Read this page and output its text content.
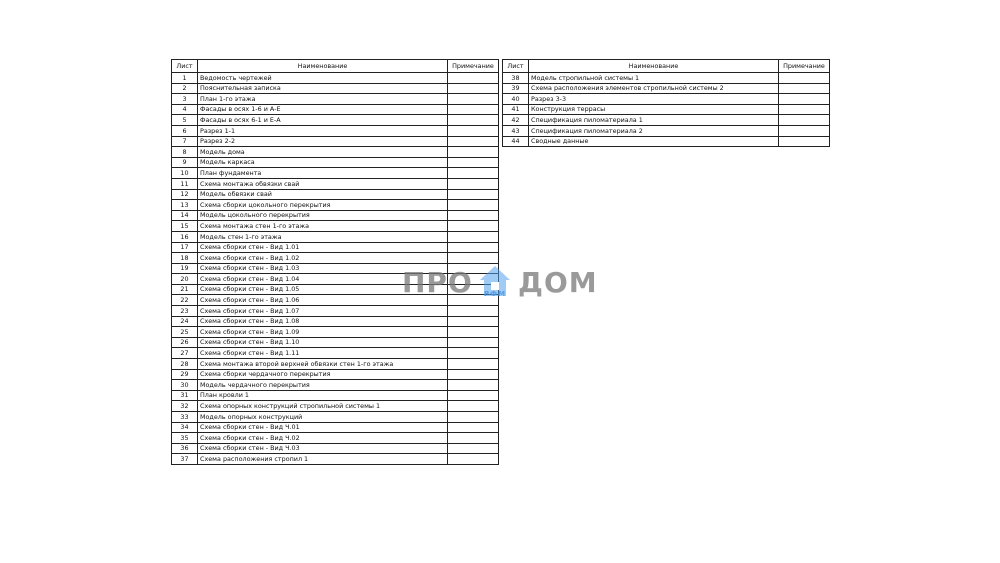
Лист	Наименование	Примечание
1	Ведомость чертежей	
2	Пояснительная записка	
3	План 1-го этажа	
4	Фасады в осях 1-6 и А-Е	
5	Фасады в осях 6-1 и Е-А	
6	Разрез 1-1	
7	Разрез 2-2	
8	Модель дома	
9	Модель каркаса	
10	План фундамента	
11	Схема монтажа обвязки свай	
12	Модель обвязки свай	
13	Схема сборки цокольного перекрытия	
14	Модель цокольного перекрытия	
15	Схема монтажа стен 1-го этажа	
16	Модель стен 1-го этажа	
17	Схема сборки стен - Вид 1.01	
18	Схема сборки стен - Вид 1.02	
19	Схема сборки стен - Вид 1.03	
20	Схема сборки стен - Вид 1.04	
21	Схема сборки стен - Вид 1.05	
22	Схема сборки стен - Вид 1.06	
23	Схема сборки стен - Вид 1.07	
24	Схема сборки стен - Вид 1.08	
25	Схема сборки стен - Вид 1.09	
26	Схема сборки стен - Вид 1.10	
27	Схема сборки стен - Вид 1.11	
28	Схема монтажа второй верхней обвязки стен 1-го этажа	
29	Схема сборки чердачного перекрытия	
30	Модель чердачного перекрытия	
31	План кровли 1	
32	Схема опорных конструкций стропильной системы 1	
33	Модель опорных конструкций	
34	Схема сборки стен - Вид Ч.01	
35	Схема сборки стен - Вид Ч.02	
36	Схема сборки стен - Вид Ч.03	
37	Схема расположения стропил 1	
Лист	Наименование	Примечание
38	Модель стропильной системы 1	
39	Схема расположения элементов стропильной системы 2	
40	Разрез 3-3	
41	Конструкция террасы	
42	Спецификация пиломатериала 1	
43	Спецификация пиломатериала 2	
44	Сводные данные	
ПРО РФМ ДОМ
